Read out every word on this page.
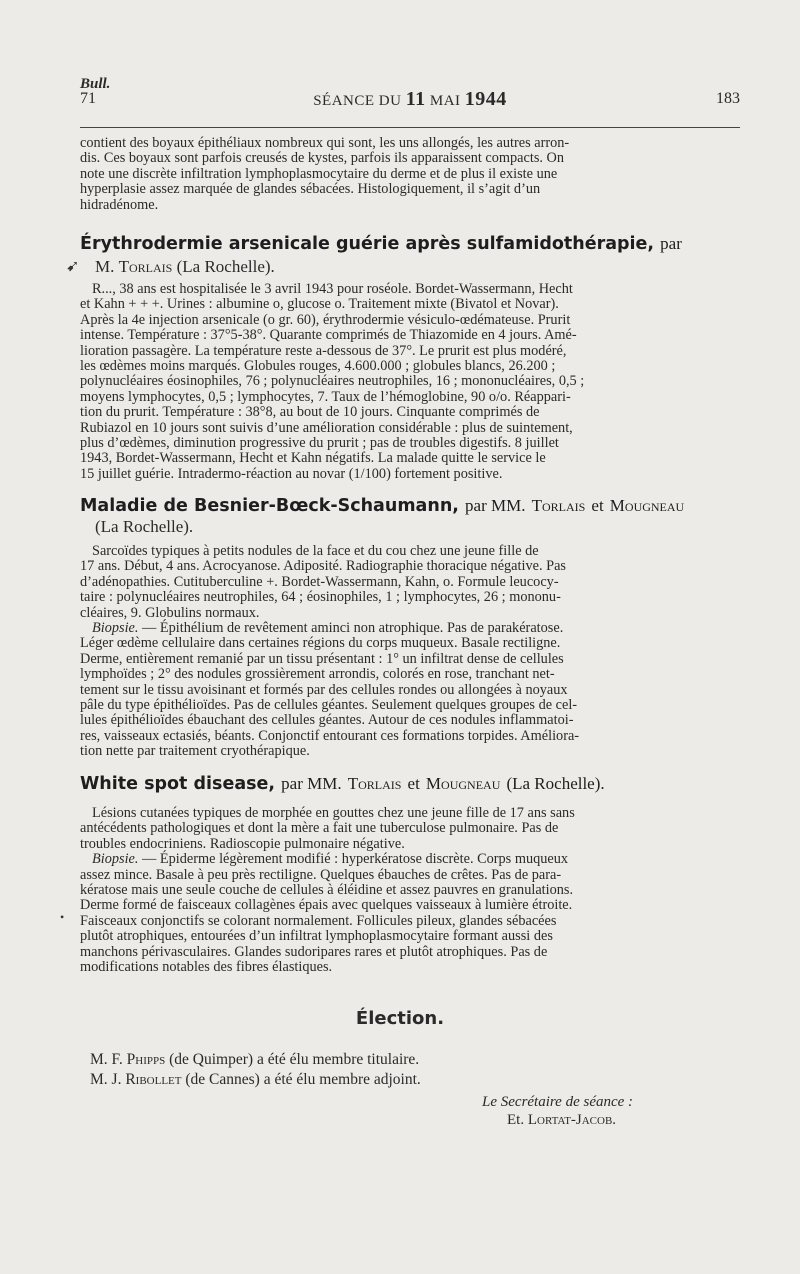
Bull.
71	SÉANCE DU 11 MAI 1944	183

contient des boyaux épithéliaux nombreux qui sont, les uns allongés, les autres arron-

dis. Ces boyaux sont parfois creusés de kystes, parfois ils apparaissent compacts. On

note une discrète infiltration lymphoplasmocytaire du derme et de plus il existe une

hyperplasie assez marquée de glandes sébacées. Histologiquement, il s’agit d’un

hidradénome.

Érythrodermie arsenicale guérie après sulfamidothérapie, par
➹ M. Torlais (La Rochelle).

R..., 38 ans est hospitalisée le 3 avril 1943 pour roséole. Bordet-Wassermann, Hecht

et Kahn + + +. Urines : albumine o, glucose o. Traitement mixte (Bivatol et Novar).

Après la 4e injection arsenicale (o gr. 60), érythrodermie vésiculo-œdémateuse. Prurit

intense. Température : 37°5-38°. Quarante comprimés de Thiazomide en 4 jours. Amé-

lioration passagère. La température reste a-dessous de 37°. Le prurit est plus modéré,

les œdèmes moins marqués. Globules rouges, 4.600.000 ; globules blancs, 26.200 ;

polynucléaires éosinophiles, 76 ; polynucléaires neutrophiles, 16 ; mononucléaires, 0,5 ;

moyens lymphocytes, 0,5 ; lymphocytes, 7. Taux de l’hémoglobine, 90 o/o. Réappari-

tion du prurit. Température : 38°8, au bout de 10 jours. Cinquante comprimés de

Rubiazol en 10 jours sont suivis d’une amélioration considérable : plus de suintement,

plus d’œdèmes, diminution progressive du prurit ; pas de troubles digestifs. 8 juillet

1943, Bordet-Wassermann, Hecht et Kahn négatifs. La malade quitte le service le

15 juillet guérie. Intradermo-réaction au novar (1/100) fortement positive.

Maladie de Besnier-Bœck-Schaumann, par MM. Torlais et Mougneau
(La Rochelle).

Sarcoïdes typiques à petits nodules de la face et du cou chez une jeune fille de

17 ans. Début, 4 ans. Acrocyanose. Adiposité. Radiographie thoracique négative. Pas

d’adénopathies. Cutituberculine +. Bordet-Wassermann, Kahn, o. Formule leucocy-

taire : polynucléaires neutrophiles, 64 ; éosinophiles, 1 ; lymphocytes, 26 ; mononu-

cléaires, 9. Globulins normaux.

Biopsie. — Épithélium de revêtement aminci non atrophique. Pas de parakératose.

Léger œdème cellulaire dans certaines régions du corps muqueux. Basale rectiligne.

Derme, entièrement remanié par un tissu présentant : 1° un infiltrat dense de cellules

lymphoïdes ; 2° des nodules grossièrement arrondis, colorés en rose, tranchant net-

tement sur le tissu avoisinant et formés par des cellules rondes ou allongées à noyaux

pâle du type épithélioïdes. Pas de cellules géantes. Seulement quelques groupes de cel-

lules épithélioïdes ébauchant des cellules géantes. Autour de ces nodules inflammatoi-

res, vaisseaux ectasiés, béants. Conjonctif entourant ces formations torpides. Améliora-

tion nette par traitement cryothérapique.

White spot disease, par MM. Torlais et Mougneau (La Rochelle).

Lésions cutanées typiques de morphée en gouttes chez une jeune fille de 17 ans sans

antécédents pathologiques et dont la mère a fait une tuberculose pulmonaire. Pas de

troubles endocriniens. Radioscopie pulmonaire négative.

Biopsie. — Épiderme légèrement modifié : hyperkératose discrète. Corps muqueux

assez mince. Basale à peu près rectiligne. Quelques ébauches de crêtes. Pas de para-

kératose mais une seule couche de cellules à éléidine et assez pauvres en granulations.

Derme formé de faisceaux collagènes épais avec quelques vaisseaux à lumière étroite.

Faisceaux conjonctifs se colorant normalement. Follicules pileux, glandes sébacées

plutôt atrophiques, entourées d’un infiltrat lymphoplasmocytaire formant aussi des

manchons périvasculaires. Glandes sudoripares rares et plutôt atrophiques. Pas de

modifications notables des fibres élastiques.

•
Élection.
M. F. Phipps (de Quimper) a été élu membre titulaire.
M. J. Ribollet (de Cannes) a été élu membre adjoint.
Le Secrétaire de séance :
Et. Lortat-Jacob.
